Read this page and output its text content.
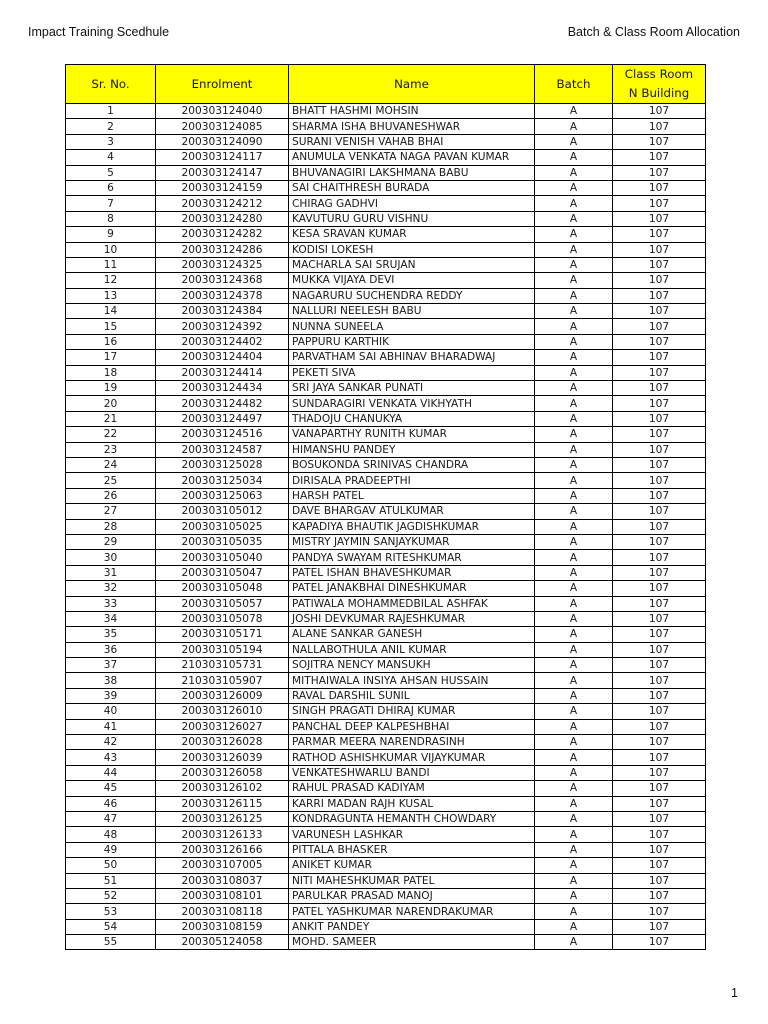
Impact Training Scedhule	Batch & Class Room Allocation
Sr. No.	Enrolment	Name	Batch	Class Room
N Building

1	200303124040	BHATT HASHMI MOHSIN	A	107
2	200303124085	SHARMA ISHA BHUVANESHWAR	A	107
3	200303124090	SURANI VENISH VAHAB BHAI	A	107
4	200303124117	ANUMULA VENKATA NAGA PAVAN KUMAR	A	107
5	200303124147	BHUVANAGIRI LAKSHMANA BABU	A	107
6	200303124159	SAI CHAITHRESH BURADA	A	107
7	200303124212	CHIRAG GADHVI	A	107
8	200303124280	KAVUTURU GURU VISHNU	A	107
9	200303124282	KESA SRAVAN KUMAR	A	107
10	200303124286	KODISI LOKESH	A	107
11	200303124325	MACHARLA SAI SRUJAN	A	107
12	200303124368	MUKKA VIJAYA DEVI	A	107
13	200303124378	NAGARURU SUCHENDRA REDDY	A	107
14	200303124384	NALLURI NEELESH BABU	A	107
15	200303124392	NUNNA SUNEELA	A	107
16	200303124402	PAPPURU KARTHIK	A	107
17	200303124404	PARVATHAM SAI ABHINAV BHARADWAJ	A	107
18	200303124414	PEKETI SIVA	A	107
19	200303124434	SRI JAYA SANKAR PUNATI	A	107
20	200303124482	SUNDARAGIRI VENKATA VIKHYATH	A	107
21	200303124497	THADOJU CHANUKYA	A	107
22	200303124516	VANAPARTHY RUNITH KUMAR	A	107
23	200303124587	HIMANSHU PANDEY	A	107
24	200303125028	BOSUKONDA SRINIVAS CHANDRA	A	107
25	200303125034	DIRISALA PRADEEPTHI	A	107
26	200303125063	HARSH PATEL	A	107
27	200303105012	DAVE BHARGAV ATULKUMAR	A	107
28	200303105025	KAPADIYA BHAUTIK JAGDISHKUMAR	A	107
29	200303105035	MISTRY JAYMIN SANJAYKUMAR	A	107
30	200303105040	PANDYA SWAYAM RITESHKUMAR	A	107
31	200303105047	PATEL ISHAN BHAVESHKUMAR	A	107
32	200303105048	PATEL JANAKBHAI DINESHKUMAR	A	107
33	200303105057	PATIWALA MOHAMMEDBILAL ASHFAK	A	107
34	200303105078	JOSHI DEVKUMAR RAJESHKUMAR	A	107
35	200303105171	ALANE SANKAR GANESH	A	107
36	200303105194	NALLABOTHULA ANIL KUMAR	A	107
37	210303105731	SOJITRA NENCY MANSUKH	A	107
38	210303105907	MITHAIWALA INSIYA AHSAN HUSSAIN	A	107
39	200303126009	RAVAL DARSHIL SUNIL	A	107
40	200303126010	SINGH PRAGATI DHIRAJ KUMAR	A	107
41	200303126027	PANCHAL DEEP KALPESHBHAI	A	107
42	200303126028	PARMAR MEERA NARENDRASINH	A	107
43	200303126039	RATHOD ASHISHKUMAR VIJAYKUMAR	A	107
44	200303126058	VENKATESHWARLU BANDI	A	107
45	200303126102	RAHUL PRASAD KADIYAM	A	107
46	200303126115	KARRI MADAN RAJH KUSAL	A	107
47	200303126125	KONDRAGUNTA HEMANTH CHOWDARY	A	107
48	200303126133	VARUNESH LASHKAR	A	107
49	200303126166	PITTALA BHASKER	A	107
50	200303107005	ANIKET KUMAR	A	107
51	200303108037	NITI MAHESHKUMAR PATEL	A	107
52	200303108101	PARULKAR PRASAD MANOJ	A	107
53	200303108118	PATEL YASHKUMAR NARENDRAKUMAR	A	107
54	200303108159	ANKIT PANDEY	A	107
55	200305124058	MOHD. SAMEER	A	107
1
